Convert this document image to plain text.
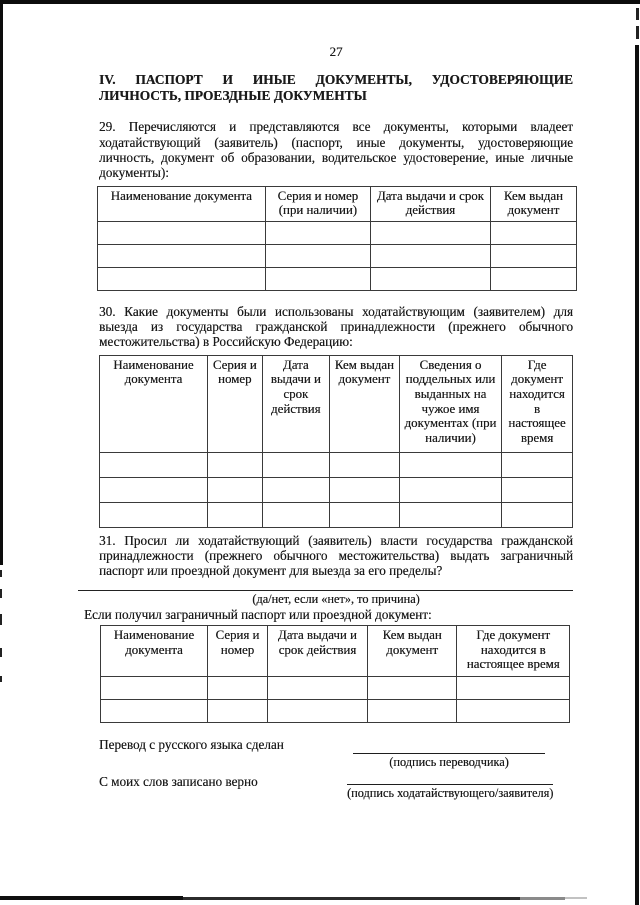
27
IV. ПАСПОРТ И ИНЫЕ ДОКУМЕНТЫ, УДОСТОВЕРЯЮЩИЕ
ЛИЧНОСТЬ, ПРОЕЗДНЫЕ ДОКУМЕНТЫ
29. Перечисляются и представляются все документы, которыми владеет ходатайствующий (заявитель) (паспорт, иные документы, удостоверяющие личность, документ об образовании, водительское удостоверение, иные личные документы):
Наименование документа	Серия и номер (при наличии)	Дата выдачи и срок действия	Кем выдан документ

30. Какие документы были использованы ходатайствующим (заявителем) для выезда из государства гражданской принадлежности (прежнего обычного местожительства) в Российскую Федерацию:
Наименование документа	Серия и номер	Дата выдачи и срок действия	Кем выдан документ	Сведения о поддельных или выданных на чужое имя документах (при наличии)	Где документ находится в настоящее время

31. Просил ли ходатайствующий (заявитель) власти государства гражданской принадлежности (прежнего обычного местожительства) выдать заграничный паспорт или проездной документ для выезда за его пределы?
(да/нет, если «нет», то причина)
Если получил заграничный паспорт или проездной документ:
Наименование документа	Серия и номер	Дата выдачи и срок действия	Кем выдан документ	Где документ находится в настоящее время

Перевод с русского языка сделан
(подпись переводчика)
С моих слов записано верно
(подпись ходатайствующего/заявителя)
